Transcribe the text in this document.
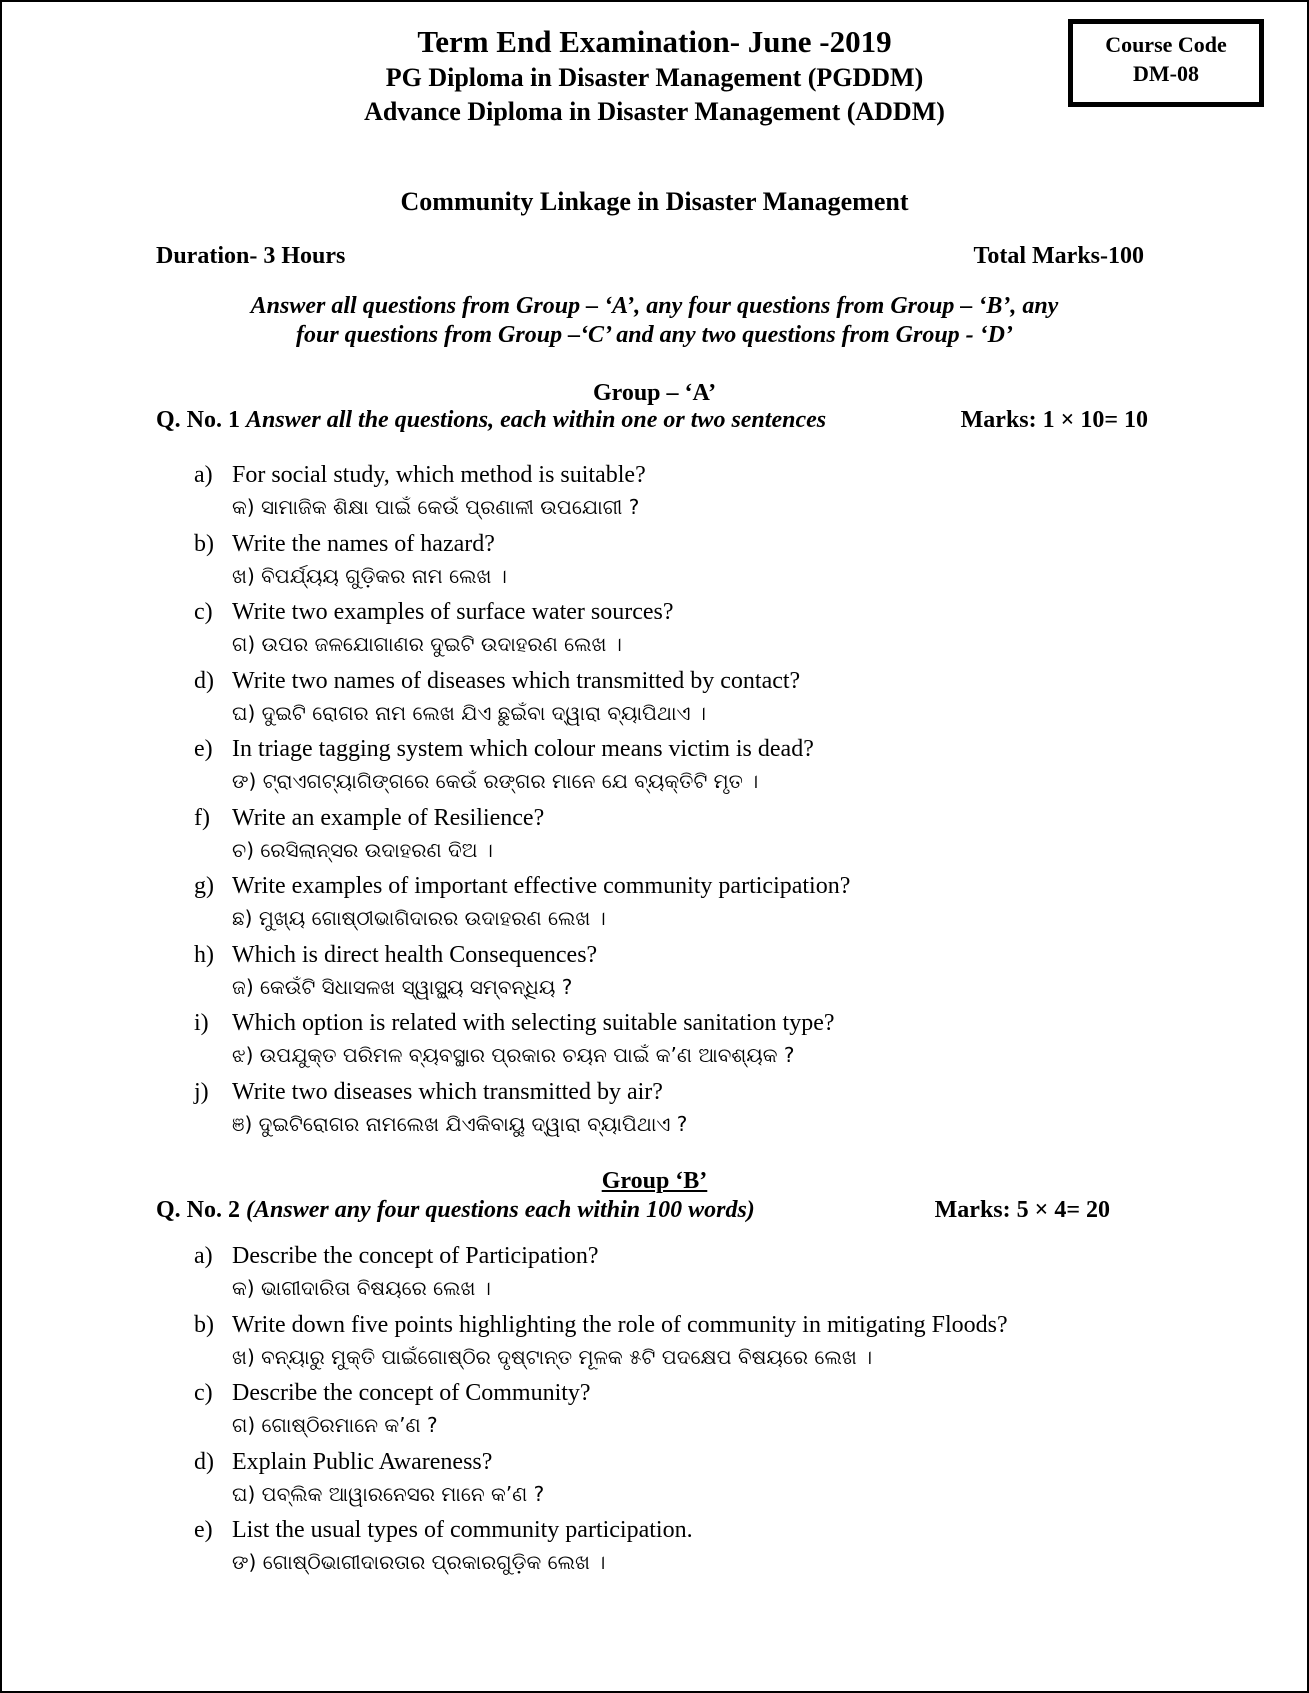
Term End Examination- June -2019
PG Diploma in Disaster Management (PGDDM)
Advance Diploma in Disaster Management (ADDM)
Course Code
DM-08
Community Linkage in Disaster Management
Duration- 3 Hours	Total Marks-100
Answer all questions from Group – ‘A’, any four questions from Group – ‘B’, any
four questions from Group –‘C’ and any two questions from Group - ‘D’
Group – ‘A’
Q. No. 1 Answer all the questions, each within one or two sentences	Marks: 1 × 10= 10
a) For social study, which method is suitable?
କ) ସାମାଜିକ ଶିକ୍ଷା ପାଇଁ କେଉଁ ପ୍ରଣାଳୀ ଉପଯୋଗୀ ?
b) Write the names of hazard?
ଖ) ବିପର୍ଯ୍ୟୟ ଗୁଡ଼ିକର ନାମ ଲେଖ ।
c) Write two examples of surface water sources?
ଗ) ଉପର ଜଳଯୋଗାଣର ଦୁଇଟି ଉଦାହରଣ ଲେଖ ।
d) Write two names of diseases which transmitted by contact?
ଘ) ଦୁଇଟି ରୋଗର ନାମ ଲେଖ ଯିଏ ଛୁଇଁବା ଦ୍ୱାରା ବ୍ୟାପିଥାଏ ।
e) In triage tagging system which colour means victim is dead?
ଙ) ଟ୍ରାଏଗଟ୍ୟାଗିଙ୍ଗରେ କେଉଁ ରଙ୍ଗର ମାନେ ଯେ ବ୍ୟକ୍ତିଟି ମୃତ ।
f) Write an example of Resilience?
ଚ) ରେସିଲାନ୍ସର ଉଦାହରଣ ଦିଅ ।
g) Write examples of important effective community participation?
ଛ) ମୁଖ୍ୟ ଗୋଷ୍ଠୀଭାଗିଦାରର ଉଦାହରଣ ଲେଖ ।
h) Which is direct health Consequences?
ଜ) କେଉଁଟି ସିଧାସଳଖ ସ୍ୱାସ୍ଥ୍ୟ ସମ୍ବନ୍ଧିୟ ?
i) Which option is related with selecting suitable sanitation type?
ଝ) ଉପଯୁକ୍ତ ପରିମଳ ବ୍ୟବସ୍ଥାର ପ୍ରକାର ଚୟନ ପାଇଁ କ’ଣ ଆବଶ୍ୟକ ?
j) Write two diseases which transmitted by air?
ଞ) ଦୁଇଟିରୋଗର ନାମଲେଖ ଯିଏକିବାୟୁ ଦ୍ୱାରା ବ୍ୟାପିଥାଏ ?
Group ‘B’
Q. No. 2 (Answer any four questions each within 100 words)	Marks: 5 × 4= 20
a) Describe the concept of Participation?
କ) ଭାଗୀଦାରିତା ବିଷୟରେ ଲେଖ ।
b) Write down five points highlighting the role of community in mitigating Floods?
ଖ) ବନ୍ୟାରୁ ମୁକ୍ତି ପାଇଁଗୋଷ୍ଠିର ଦୃଷ୍ଟାନ୍ତ ମୂଳକ ୫ଟି ପଦକ୍ଷେପ ବିଷୟରେ ଲେଖ ।
c) Describe the concept of Community?
ଗ) ଗୋଷ୍ଠିରମାନେ କ’ଣ ?
d) Explain Public Awareness?
ଘ) ପବ୍ଲିକ ଆୱାରନେସର ମାନେ କ’ଣ ?
e) List the usual types of community participation.
ଙ) ଗୋଷ୍ଠିଭାଗୀଦାରତାର ପ୍ରକାରଗୁଡ଼ିକ ଲେଖ ।
